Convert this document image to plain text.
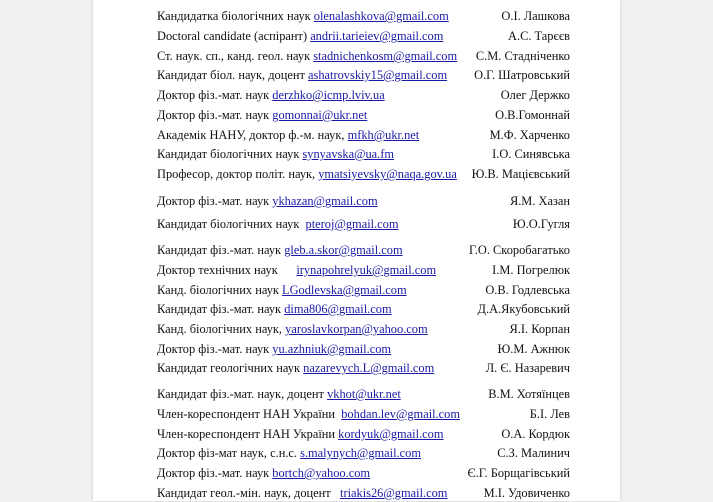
Кандидатка біологічних наук olenalashkova@gmail.com	О.І. Лашкова
Doctoral candidate (аспірант) andrii.tarieiev@gmail.com	А.С. Тарєєв
Ст. наук. сп., канд. геол. наук stadnichenkosm@gmail.com С.М. Стадніченко
Кандидат біол. наук, доцент ashatrovskiy15@gmail.com О.Г. Шатровський
Доктор фіз.-мат. наук derzhko@icmp.lviv.ua	Олег Держко
Доктор фіз.-мат. наук gomonnai@ukr.net	О.В.Гомоннай
Академік НАНУ, доктор ф.-м. наук, mfkh@ukr.net	М.Ф. Харченко
Кандидат біологічних наук synyavska@ua.fm	І.О. Синявська
Професор, доктор політ. наук, ymatsiyevsky@naqa.gov.ua Ю.В. Мацієвський
Доктор фіз.-мат. наук ykhazan@gmail.com	Я.М. Хазан
Кандидат біологічних наук  pteroj@gmail.com	Ю.О.Гугля
Кандидат фіз.-мат. наук gleb.a.skor@gmail.com	Г.О. Скоробагатько
Доктор технічних наук      irynapohrelyuk@gmail.com	І.М. Погрелюк
Канд. біологічних наук LGodlevska@gmail.com	О.В. Годлевська
Кандидат фіз.-мат. наук dima806@gmail.com	Д.А.Якубовський
Канд. біологічних наук, yaroslavkorpan@yahoo.com	Я.І. Корпан
Доктор фіз.-мат. наук yu.azhniuk@gmail.com	Ю.М. Ажнюк
Кандидат геологічних наук nazarevych.L@gmail.com	Л. Є. Назаревич
Кандидат фіз.-мат. наук, доцент vkhot@ukr.net	В.М. Хотяїнцев
Член-кореспондент НАН України  bohdan.lev@gmail.com	Б.І. Лев
Член-кореспондент НАН України kordyuk@gmail.com	О.А. Кордюк
Доктор фіз-мат наук, с.н.с. s.malynych@gmail.com	С.З. Малинич
Доктор фіз.-мат. наук bortch@yahoo.com	Є.Г. Борщагівський
Кандидат геол.-мін. наук, доцент   triakis26@gmail.com	М.І. Удовиченко
